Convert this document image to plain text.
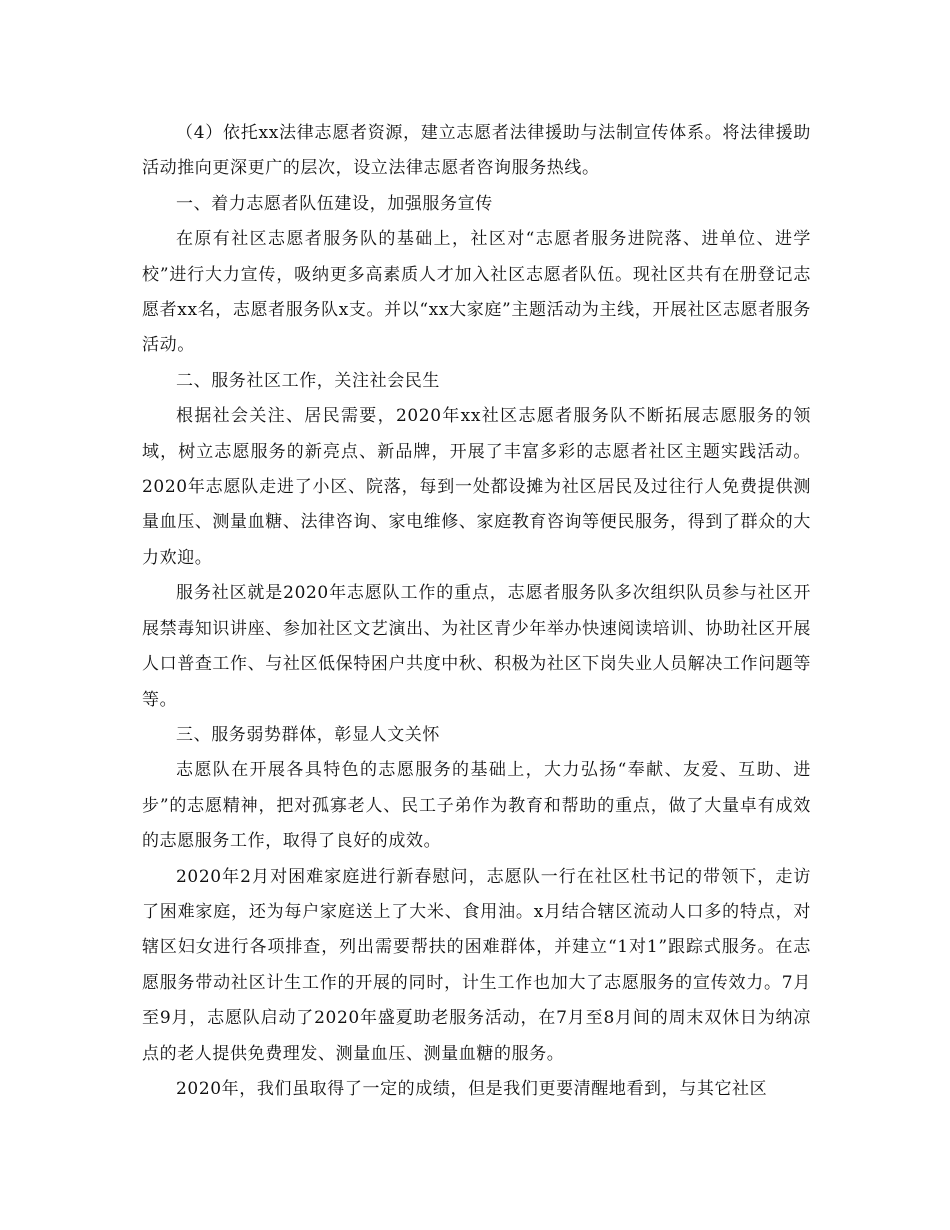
（4）依托xx法律志愿者资源，建立志愿者法律援助与法制宣传体系。将法律援助活动推向更深更广的层次，设立法律志愿者咨询服务热线。

一、着力志愿者队伍建设，加强服务宣传

在原有社区志愿者服务队的基础上，社区对“志愿者服务进院落、进单位、进学校”进行大力宣传，吸纳更多高素质人才加入社区志愿者队伍。现社区共有在册登记志愿者xx名，志愿者服务队x支。并以“xx大家庭”主题活动为主线，开展社区志愿者服务活动。

二、服务社区工作，关注社会民生

根据社会关注、居民需要，2020年xx社区志愿者服务队不断拓展志愿服务的领域，树立志愿服务的新亮点、新品牌，开展了丰富多彩的志愿者社区主题实践活动。2020年志愿队走进了小区、院落，每到一处都设摊为社区居民及过往行人免费提供测量血压、测量血糖、法律咨询、家电维修、家庭教育咨询等便民服务，得到了群众的大力欢迎。

服务社区就是2020年志愿队工作的重点，志愿者服务队多次组织队员参与社区开展禁毒知识讲座、参加社区文艺演出、为社区青少年举办快速阅读培训、协助社区开展人口普查工作、与社区低保特困户共度中秋、积极为社区下岗失业人员解决工作问题等等。

三、服务弱势群体，彰显人文关怀

志愿队在开展各具特色的志愿服务的基础上，大力弘扬“奉献、友爱、互助、进步”的志愿精神，把对孤寡老人、民工子弟作为教育和帮助的重点，做了大量卓有成效的志愿服务工作，取得了良好的成效。

2020年2月对困难家庭进行新春慰问，志愿队一行在社区杜书记的带领下，走访了困难家庭，还为每户家庭送上了大米、食用油。x月结合辖区流动人口多的特点，对辖区妇女进行各项排查，列出需要帮扶的困难群体，并建立“1对1”跟踪式服务。在志愿服务带动社区计生工作的开展的同时，计生工作也加大了志愿服务的宣传效力。7月至9月，志愿队启动了2020年盛夏助老服务活动，在7月至8月间的周末双休日为纳凉点的老人提供免费理发、测量血压、测量血糖的服务。

2020年，我们虽取得了一定的成绩，但是我们更要清醒地看到，与其它社区
